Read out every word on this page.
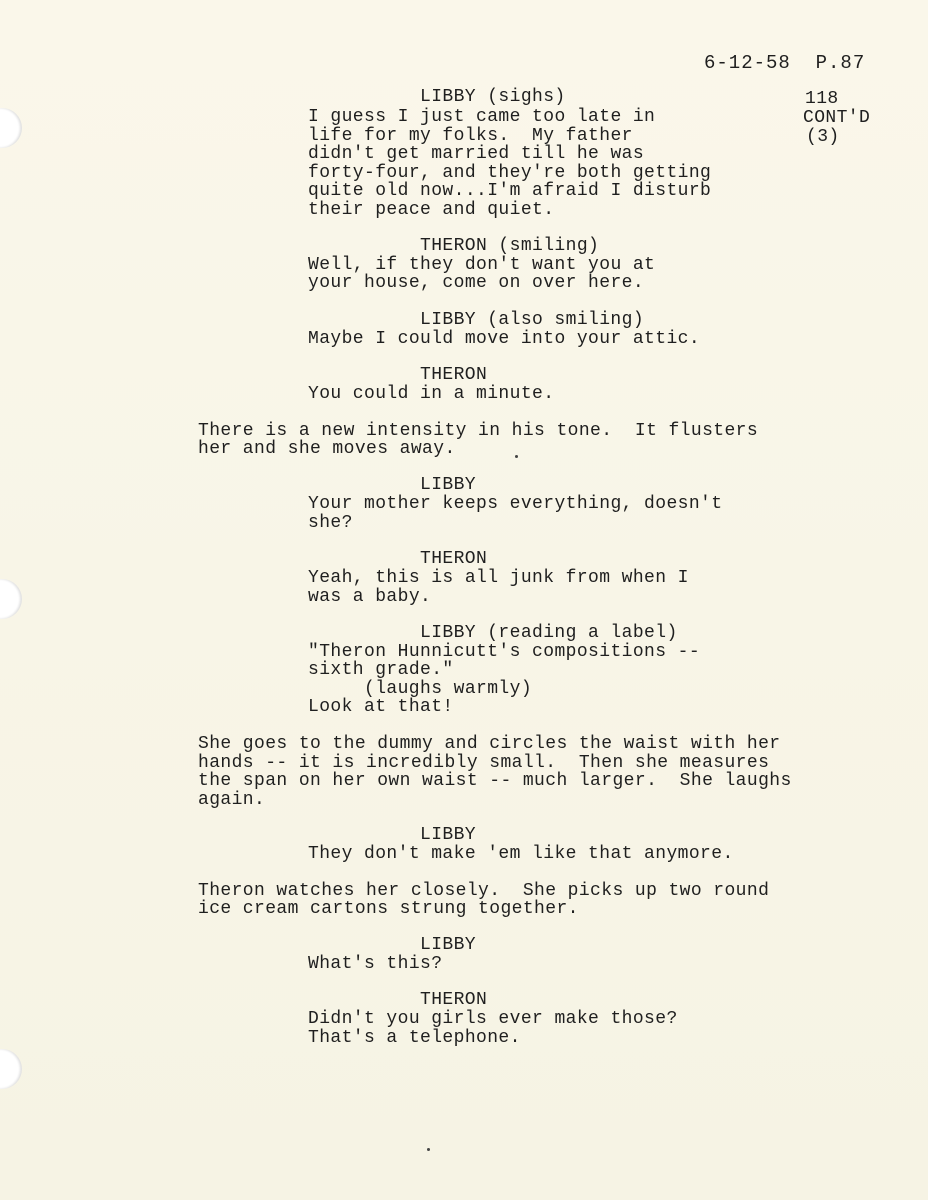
6-12-58  P.87

118

CONT'D

(3)

LIBBY (sighs)

I guess I just came too late in

life for my folks.  My father

didn't get married till he was

forty-four, and they're both getting

quite old now...I'm afraid I disturb

their peace and quiet.

THERON (smiling)

Well, if they don't want you at

your house, come on over here.

LIBBY (also smiling)

Maybe I could move into your attic.

THERON

You could in a minute.

There is a new intensity in his tone.  It flusters

her and she moves away.

LIBBY

Your mother keeps everything, doesn't

she?

THERON

Yeah, this is all junk from when I

was a baby.

LIBBY (reading a label)

"Theron Hunnicutt's compositions --

sixth grade."

(laughs warmly)

Look at that!

She goes to the dummy and circles the waist with her

hands -- it is incredibly small.  Then she measures

the span on her own waist -- much larger.  She laughs

again.

LIBBY

They don't make 'em like that anymore.

Theron watches her closely.  She picks up two round

ice cream cartons strung together.

LIBBY

What's this?

THERON

Didn't you girls ever make those?

That's a telephone.
